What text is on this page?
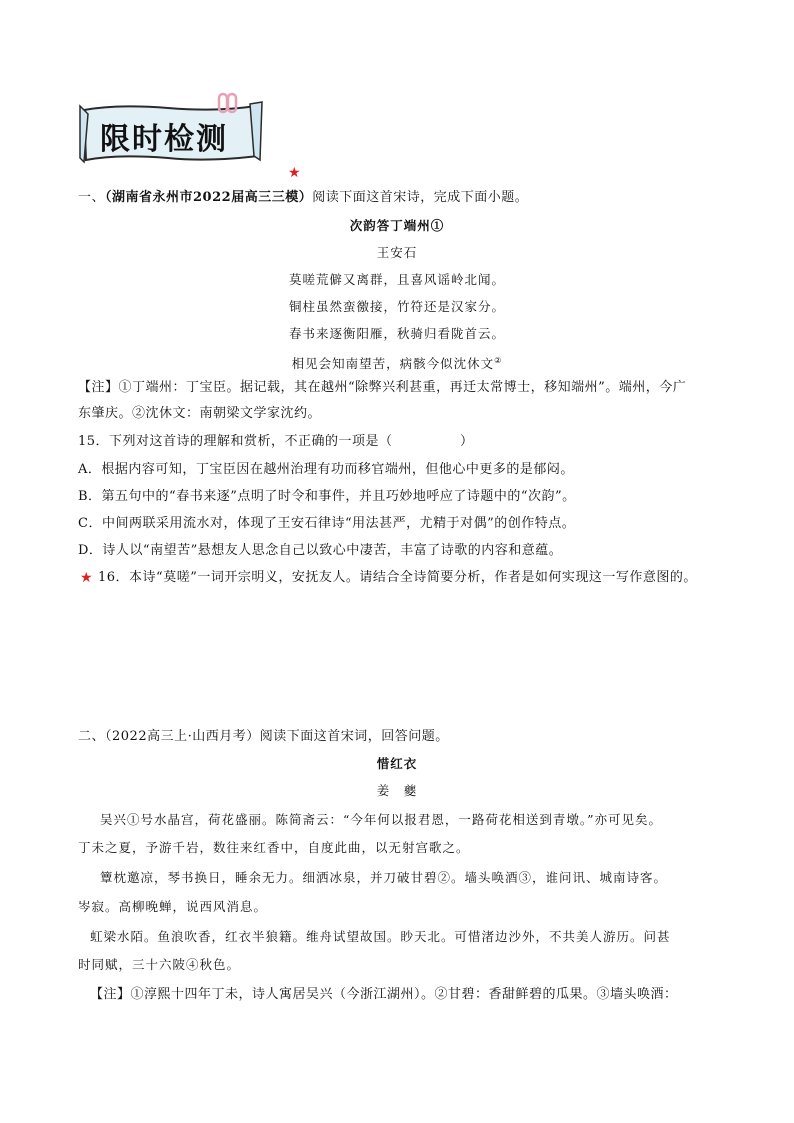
限时检测
★
一、（湖南省永州市2022届高三三模）阅读下面这首宋诗，完成下面小题。
次韵答丁端州①
王安石
莫嗟荒僻又离群，且喜风谣岭北闻。
铜柱虽然蛮徼接，竹符还是汉家分。
春书来逐衡阳雁，秋骑归看陇首云。
相见会知南望苦，病骸今似沈休文②
【注】①丁端州：丁宝臣。据记载，其在越州“除弊兴利甚重，再迁太常博士，移知端州”。端州，今广
东肇庆。②沈休文：南朝梁文学家沈约。
15．下列对这首诗的理解和赏析，不正确的一项是（　　　　　）
A．根据内容可知，丁宝臣因在越州治理有功而移官端州，但他心中更多的是郁闷。
B．第五句中的“春书来逐”点明了时令和事件，并且巧妙地呼应了诗题中的“次韵”。
C．中间两联采用流水对，体现了王安石律诗“用法甚严，尤精于对偶”的创作特点。
D．诗人以“南望苦”悬想友人思念自己以致心中凄苦，丰富了诗歌的内容和意蕴。
★ 16．本诗“莫嗟”一词开宗明义，安抚友人。请结合全诗简要分析，作者是如何实现这一写作意图的。
二、（2022高三上·山西月考）阅读下面这首宋词，回答问题。
惜红衣
姜　夔
吴兴①号水晶宫，荷花盛丽。陈简斋云：“今年何以报君恩，一路荷花相送到青墩。”亦可见矣。
丁未之夏，予游千岩，数往来红香中，自度此曲，以无射宫歌之。
簟枕邀凉，琴书换日，睡余无力。细洒冰泉，并刀破甘碧②。墙头唤酒③，谁问讯、城南诗客。
岑寂。高柳晚蝉，说西风消息。
虹梁水陌。鱼浪吹香，红衣半狼籍。维舟试望故国。眇天北。可惜渚边沙外，不共美人游历。问甚
时同赋，三十六陂④秋色。
【注】①淳熙十四年丁未，诗人寓居吴兴（今浙江湖州）。②甘碧：香甜鲜碧的瓜果。③墙头唤酒：
